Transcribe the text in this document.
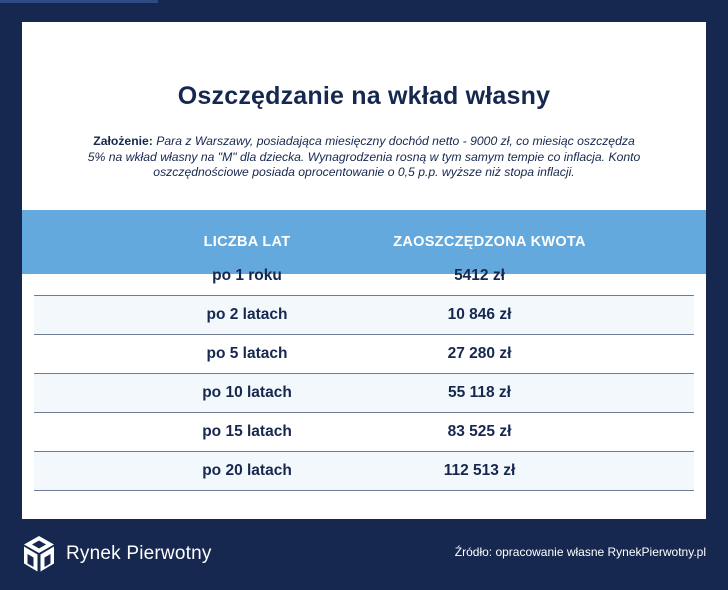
Oszczędzanie na wkład własny

Założenie: Para z Warszawy, posiadająca miesięczny dochód netto - 9000 zł, co miesiąc oszczędza 5% na wkład własny na "M" dla dziecka. Wynagrodzenia rosną w tym samym tempie co inflacja. Konto oszczędnościowe posiada oprocentowanie o 0,5 p.p. wyższe niż stopa inflacji.

LICZBA LAT	ZAOSZCZĘDZONA KWOTA
po 1 roku	5412 zł
po 2 latach	10 846 zł
po 5 latach	27 280 zł
po 10 latach	55 118 zł
po 15 latach	83 525 zł
po 20 latach	112 513 zł
Rynek Pierwotny	Źródło: opracowanie własne RynekPierwotny.pl
